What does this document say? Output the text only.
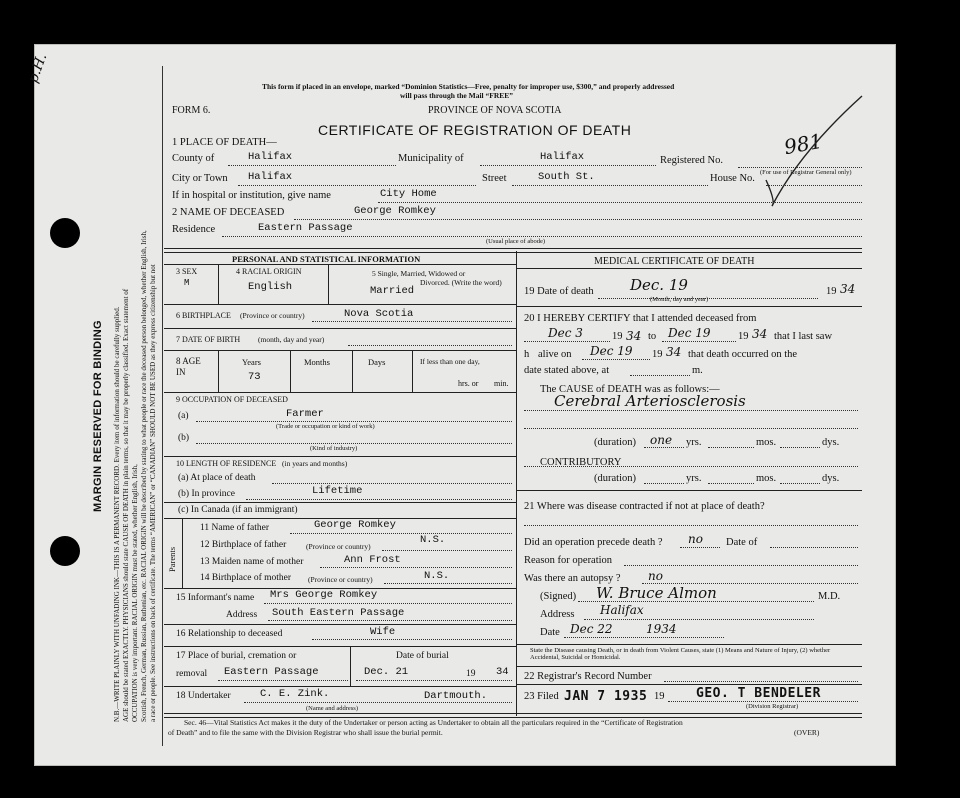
p.H.
MARGIN RESERVED FOR BINDING N.B.—WRITE PLAINLY WITH UNFADING INK—THIS IS A PERMANENT RECORD. Every item of information should be carefully supplied. AGE should be stated EXACTLY. PHYSICIANS should state CAUSE OF DEATH in plain terms, so that it may be properly classified. Exact statement of OCCUPATION is very important. RACIAL ORIGIN must be stated, whether English, Irish, Scottish, French, German, Russian, Ruthenian, etc. RACIAL ORIGIN will be described by stating to what people or race the deceased person belonged, whether English, Irish, a race or people. See instructions on back of certificate. The terms “AMERICAN” or “CANADIAN” SHOULD NOT BE USED as they express citizenship but not
This form if placed in an envelope, marked “Dominion Statistics—Free, penalty for improper use, $300,” and properly addressed
will pass through the Mail “FREE”
FORM 6.	PROVINCE OF NOVA SCOTIA
CERTIFICATE OF REGISTRATION OF DEATH
1 PLACE OF DEATH—
County of	Halifax	Municipality of	Halifax	Registered No.
(For use of Registrar General only)
981
City or Town Halifax	Street	South St.	House No.
If in hospital or institution, give name	City Home
2 NAME OF DECEASED	George Romkey
Residence	Eastern Passage
(Usual place of abode)
PERSONAL AND STATISTICAL INFORMATION
3 SEX
M
4 RACIAL ORIGIN
English
5 Single, Married, Widowed or
Divorced. (Write the word)
Married
6 BIRTHPLACE (Province or country)	Nova Scotia
7 DATE OF BIRTH (month, day and year)
8 AGE IN
Years
73
Months	Days	If less than one day,
hrs. or min.
9 OCCUPATION OF DECEASED
(a)	Farmer
(Trade or occupation or kind of work)
(b)
(Kind of industry)
10 LENGTH OF RESIDENCE (in years and months)
(a) At place of death
(b) In province	Lifetime
(c) In Canada (if an immigrant)
Parents
11 Name of father	George Romkey
12 Birthplace of father	(Province or country)
N.S.
13 Maiden name of mother	Ann Frost
14 Birthplace of mother (Province or country)	N.S.
15 Informant's name Mrs George Romkey
Address South Eastern Passage
16 Relationship to deceased	Wife
17 Place of burial, cremation or
removal Eastern Passage
Date of burial
Dec. 21	19 34
18 Undertaker	C. E. Zink.	Dartmouth.
(Name and address)
MEDICAL CERTIFICATE OF DEATH
19 Date of death Dec. 19
(Month, day and year)
19 34
20 I HEREBY CERTIFY that I attended deceased from
Dec 3	19 34 to Dec 19	19 34 that I last saw
h alive on Dec 19 19 34 that death occurred on the
date stated above, at	m.
The CAUSE of DEATH was as follows:—
Cerebral Arteriosclerosis
(duration) one yrs.	mos.	dys.
CONTRIBUTORY
(duration)	yrs.	mos.	dys.
21 Where was disease contracted if not at place of death?
Did an operation precede death ? no Date of
Reason for operation
Was there an autopsy ? no
(Signed) W. Bruce Almon	M.D.
Address Halifax
Date Dec 22	1934
State the Disease causing Death, or in death from Violent Causes, state (1) Means and Nature of Injury, (2) whether Accidental, Suicidal or Homicidal.
22 Registrar's Record Number
23 Filed JAN 7 1935 19 GEO. T BENDELER
(Division Registrar)
Sec. 46—Vital Statistics Act makes it the duty of the Undertaker or person acting as Undertaker to obtain all the particulars required in the “Certificate of Registration
of Death” and to file the same with the Division Registrar who shall issue the burial permit.	(OVER)
